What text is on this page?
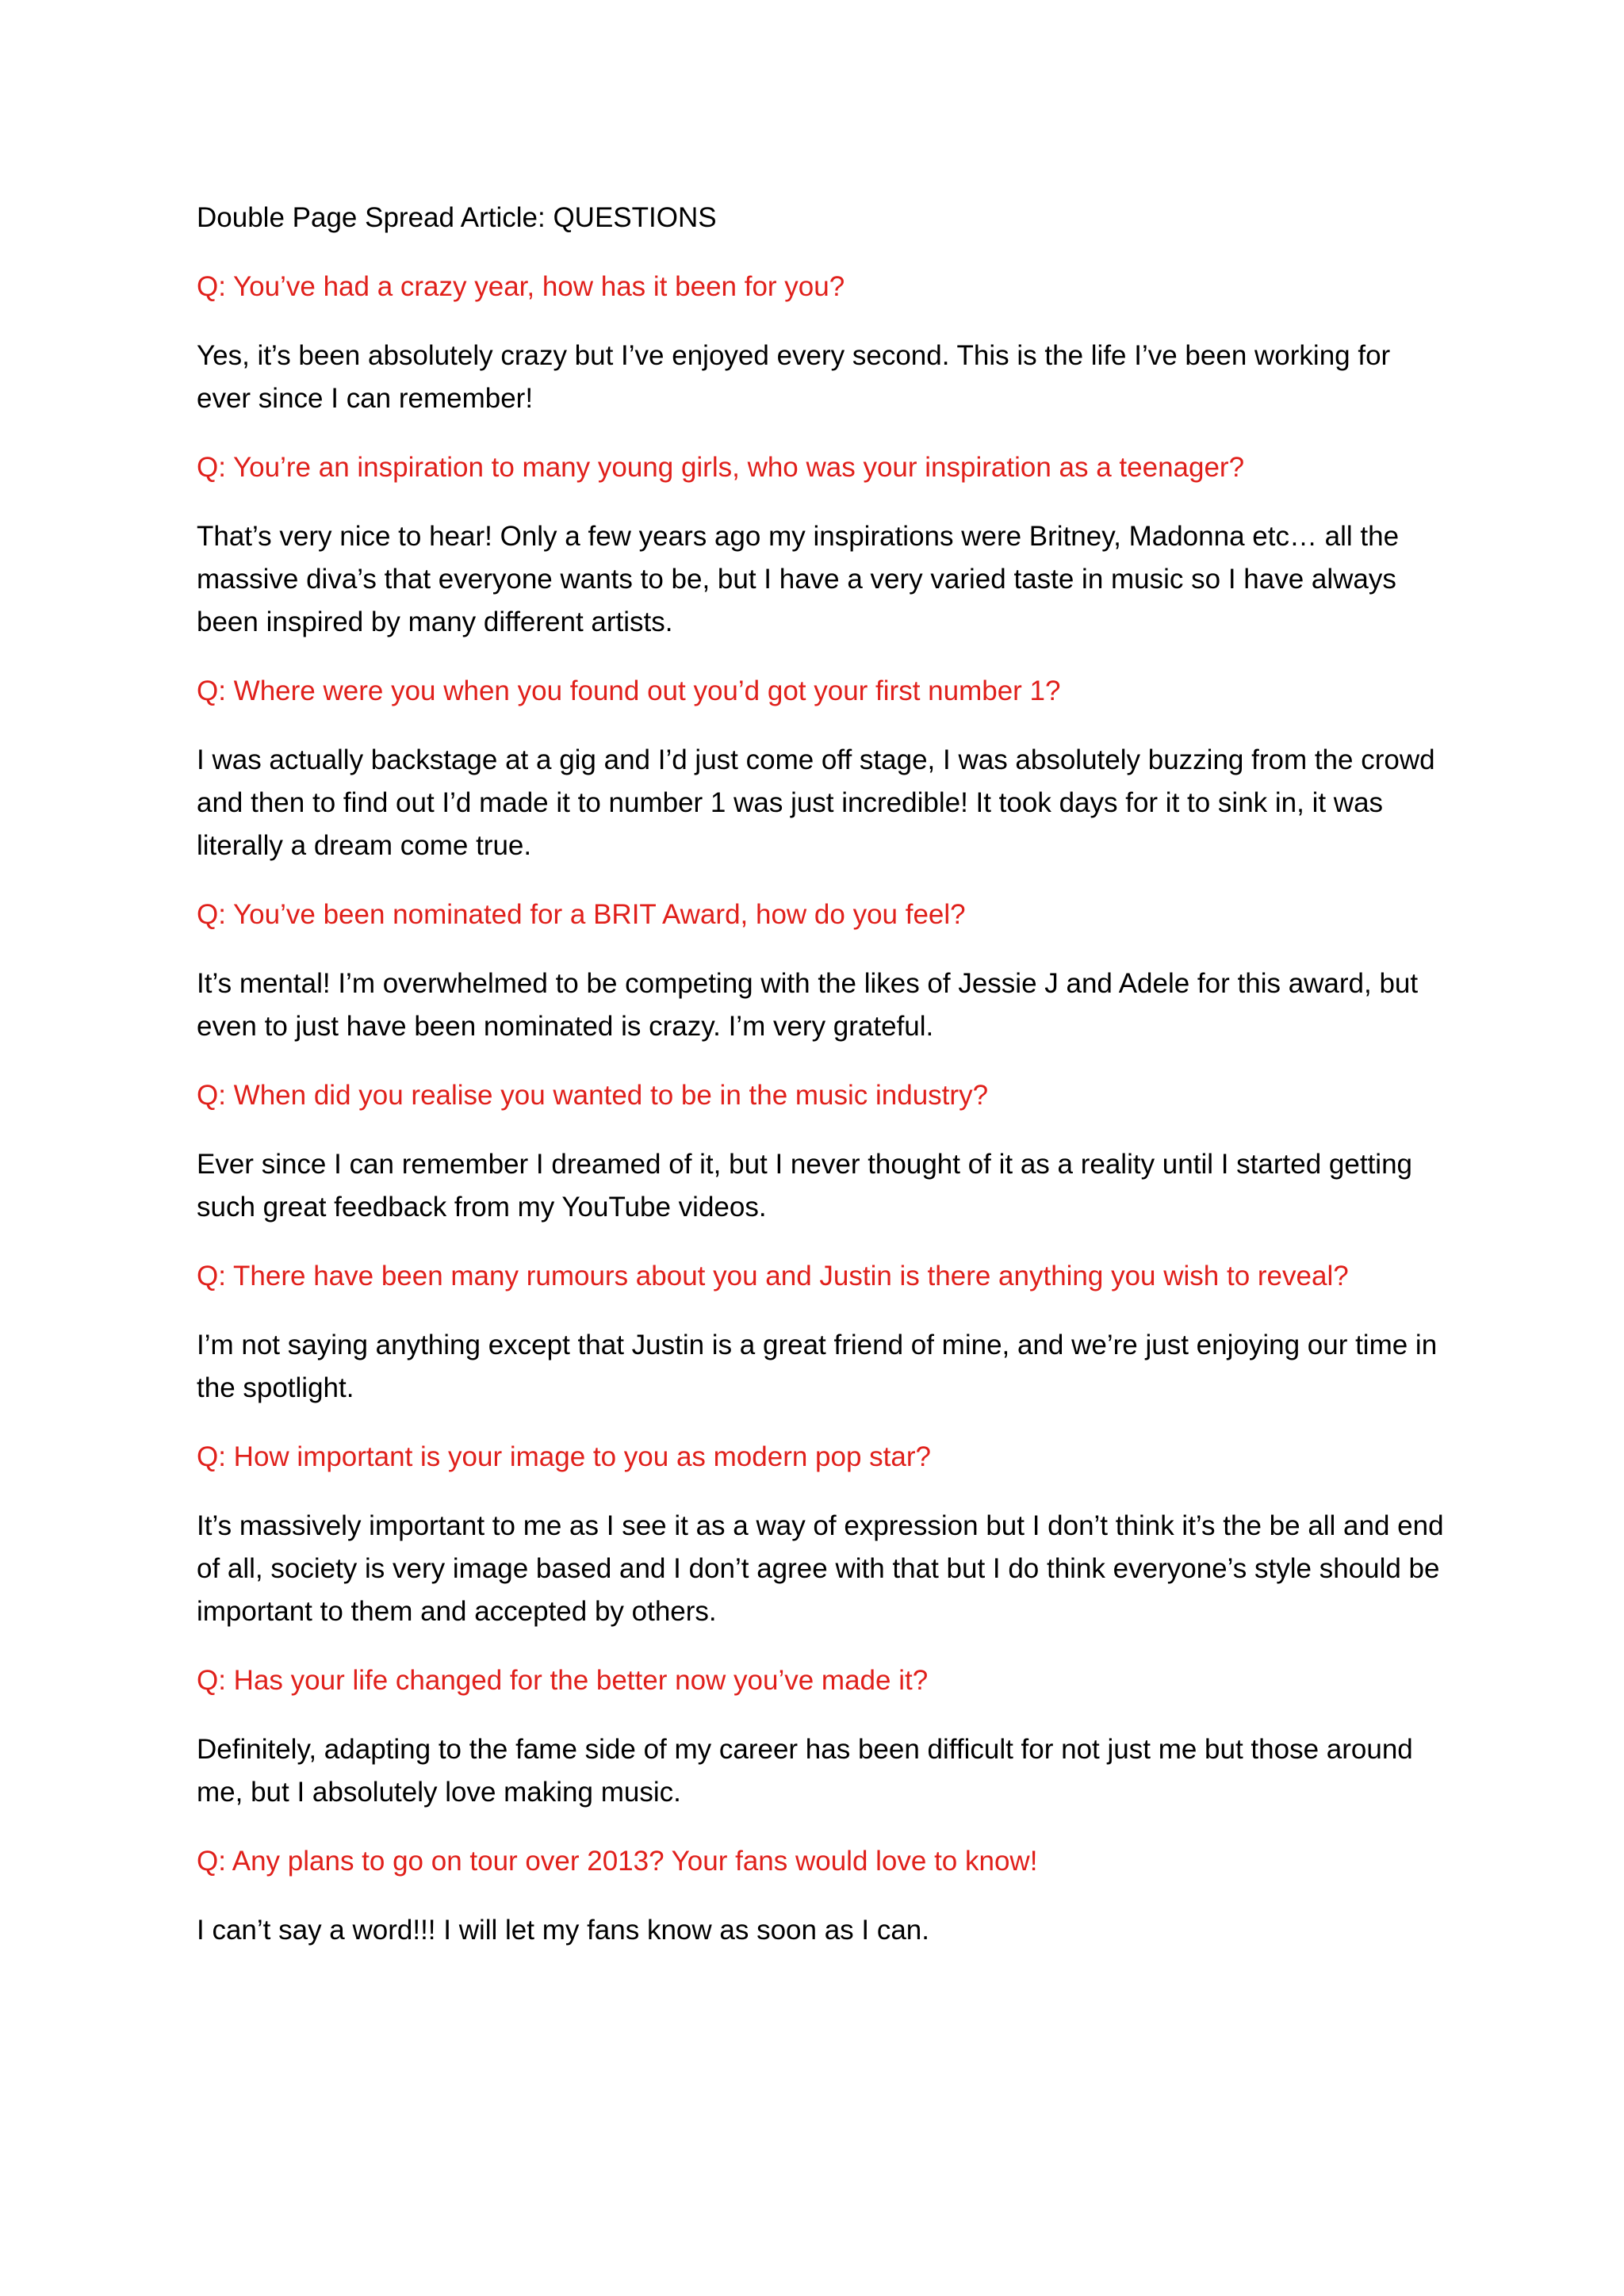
Double Page Spread Article: QUESTIONS

Q: You’ve had a crazy year, how has it been for you?

Yes, it’s been absolutely crazy but I’ve enjoyed every second. This is the life I’ve been working for ever since I can remember!

Q: You’re an inspiration to many young girls, who was your inspiration as a teenager?

That’s very nice to hear! Only a few years ago my inspirations were Britney, Madonna etc… all the massive diva’s that everyone wants to be, but I have a very varied taste in music so I have always been inspired by many different artists.

Q: Where were you when you found out you’d got your first number 1?

I was actually backstage at a gig and I’d just come off stage, I was absolutely buzzing from the crowd and then to find out I’d made it to number 1 was just incredible! It took days for it to sink in, it was literally a dream come true.

Q: You’ve been nominated for a BRIT Award, how do you feel?

It’s mental! I’m overwhelmed to be competing with the likes of Jessie J and Adele for this award, but even to just have been nominated is crazy. I’m very grateful.

Q: When did you realise you wanted to be in the music industry?

Ever since I can remember I dreamed of it, but I never thought of it as a reality until I started getting such great feedback from my YouTube videos.

Q: There have been many rumours about you and Justin is there anything you wish to reveal?

I’m not saying anything except that Justin is a great friend of mine, and we’re just enjoying our time in the spotlight.

Q: How important is your image to you as modern pop star?

It’s massively important to me as I see it as a way of expression but I don’t think it’s the be all and end of all, society is very image based and I don’t agree with that but I do think everyone’s style should be important to them and accepted by others.

Q: Has your life changed for the better now you’ve made it?

Definitely, adapting to the fame side of my career has been difficult for not just me but those around me, but I absolutely love making music.

Q: Any plans to go on tour over 2013? Your fans would love to know!

I can’t say a word!!! I will let my fans know as soon as I can.
